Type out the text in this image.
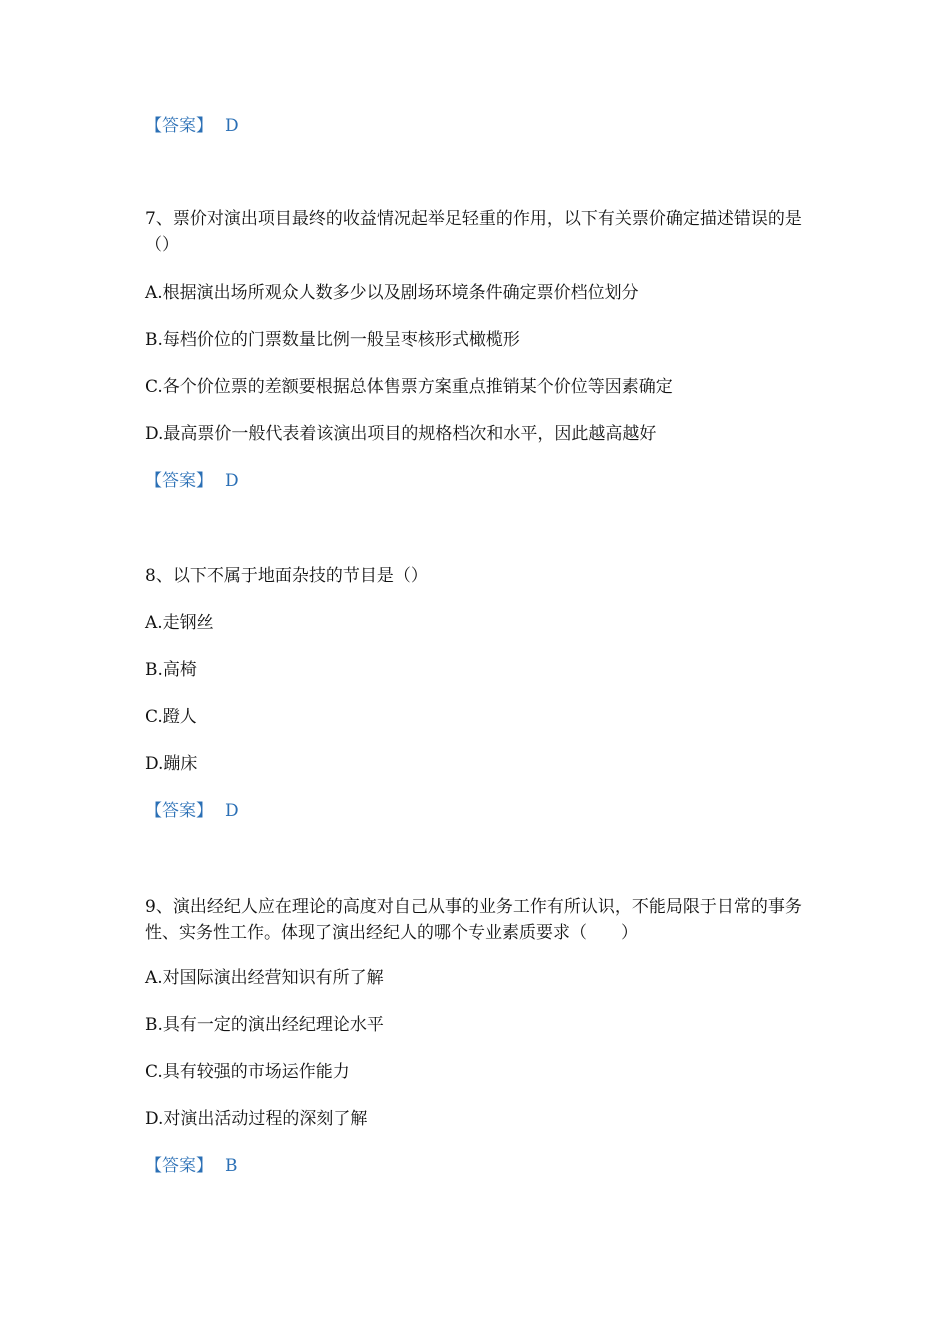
【答案】 D
7、票价对演出项目最终的收益情况起举足轻重的作用，以下有关票价确定描述错误的是（）
A.根据演出场所观众人数多少以及剧场环境条件确定票价档位划分
B.每档价位的门票数量比例一般呈枣核形式橄榄形
C.各个价位票的差额要根据总体售票方案重点推销某个价位等因素确定
D.最高票价一般代表着该演出项目的规格档次和水平，因此越高越好
【答案】 D
8、以下不属于地面杂技的节目是（）
A.走钢丝
B.高椅
C.蹬人
D.蹦床
【答案】 D
9、演出经纪人应在理论的高度对自己从事的业务工作有所认识，不能局限于日常的事务性、实务性工作。体现了演出经纪人的哪个专业素质要求（　　）
A.对国际演出经营知识有所了解
B.具有一定的演出经纪理论水平
C.具有较强的市场运作能力
D.对演出活动过程的深刻了解
【答案】 B
